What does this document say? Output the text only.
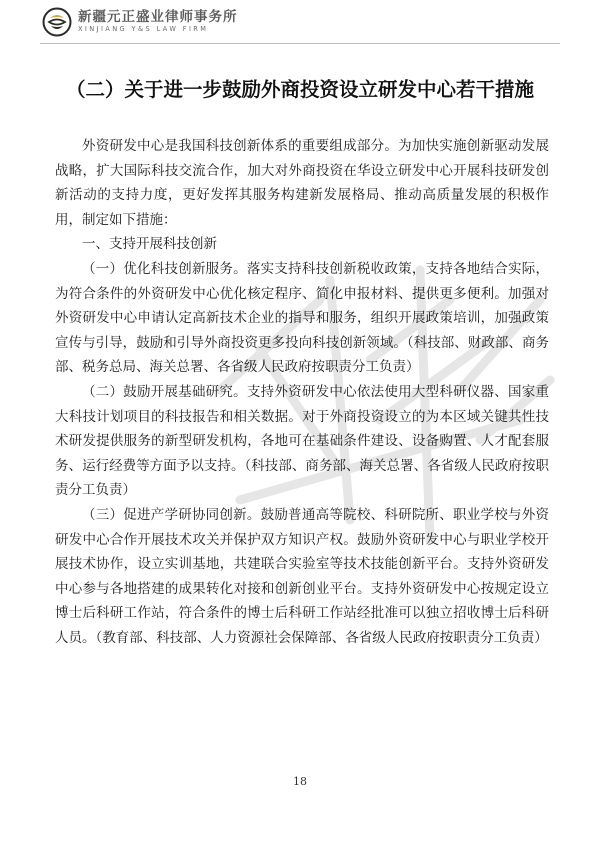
新疆元正盛业律师事务所
XINJIANG Y&S LAW FIRM
（二）关于进一步鼓励外商投资设立研发中心若干措施

外资研发中心是我国科技创新体系的重要组成部分。为加快实施创新驱动发展战略，扩大国际科技交流合作，加大对外商投资在华设立研发中心开展科技研发创新活动的支持力度，更好发挥其服务构建新发展格局、推动高质量发展的积极作用，制定如下措施：

一、支持开展科技创新

（一）优化科技创新服务。落实支持科技创新税收政策，支持各地结合实际，为符合条件的外资研发中心优化核定程序、简化申报材料、提供更多便利。加强对外资研发中心申请认定高新技术企业的指导和服务，组织开展政策培训，加强政策宣传与引导，鼓励和引导外商投资更多投向科技创新领域。（科技部、财政部、商务部、税务总局、海关总署、各省级人民政府按职责分工负责）

（二）鼓励开展基础研究。支持外资研发中心依法使用大型科研仪器、国家重大科技计划项目的科技报告和相关数据。对于外商投资设立的为本区域关键共性技术研发提供服务的新型研发机构，各地可在基础条件建设、设备购置、人才配套服务、运行经费等方面予以支持。（科技部、商务部、海关总署、各省级人民政府按职责分工负责）

（三）促进产学研协同创新。鼓励普通高等院校、科研院所、职业学校与外资研发中心合作开展技术攻关并保护双方知识产权。鼓励外资研发中心与职业学校开展技术协作，设立实训基地，共建联合实验室等技术技能创新平台。支持外资研发中心参与各地搭建的成果转化对接和创新创业平台。支持外资研发中心按规定设立博士后科研工作站，符合条件的博士后科研工作站经批准可以独立招收博士后科研人员。（教育部、科技部、人力资源社会保障部、各省级人民政府按职责分工负责）

18
